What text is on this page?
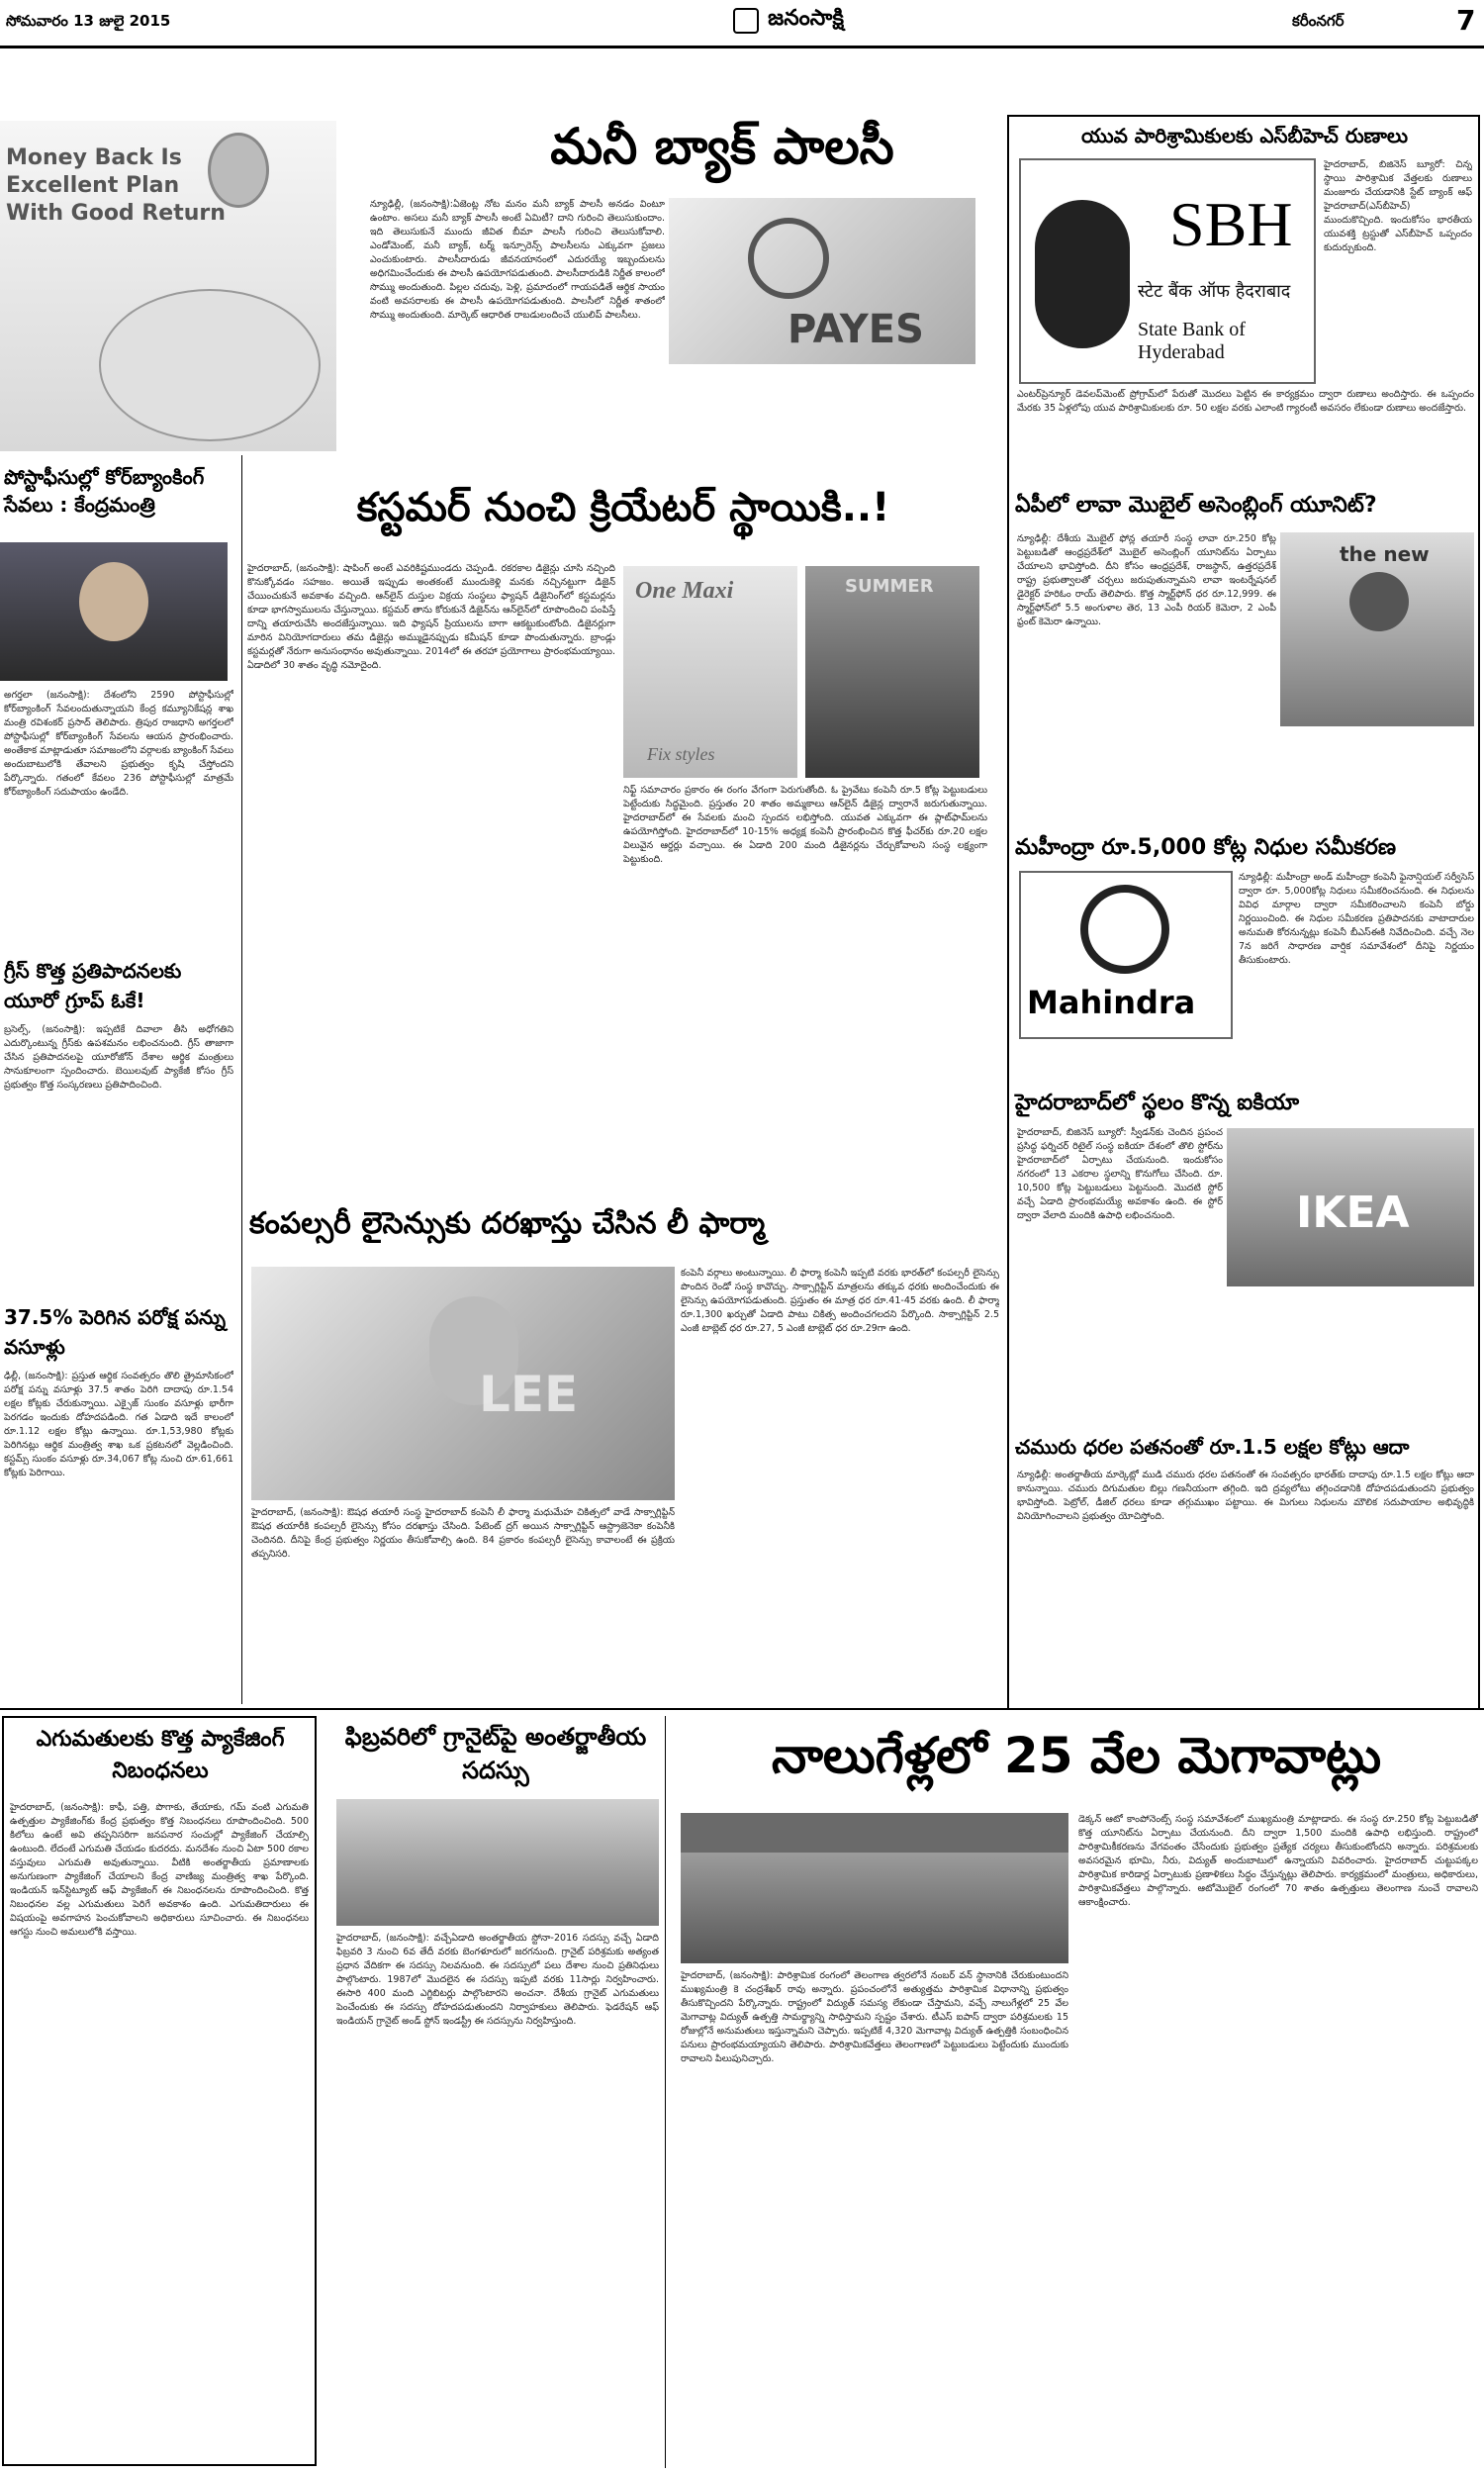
సోమవారం 13 జులై 2015	జనంసాక్షి	కరీంనగర్	7
Money Back Is
Excellent Plan
With Good Return
మనీ బ్యాక్ పాలసీ
న్యూఢిల్లీ, (జనంసాక్షి):ఏజెంట్ల నోట మనం మనీ బ్యాక్ పాలసీ అనడం వింటూ ఉంటాం. అసలు మనీ బ్యాక్ పాలసీ అంటే ఏమిటీ? దాని గురించి తెలుసుకుందాం. ఇది తెలుసుకునే ముందు జీవిత బీమా పాలసీ గురించి తెలుసుకోవాలి. ఎండోమెంట్, మనీ బ్యాక్, టర్మ్ ఇన్సూరెన్స్ పాలసీలను ఎక్కువగా ప్రజలు ఎంచుకుంటారు. పాలసీదారుడు జీవనయానంలో ఎదురయ్యే ఇబ్బందులను అధిగమించేందుకు ఈ పాలసీ ఉపయోగపడుతుంది. పాలసీదారుడికి నిర్ణీత కాలంలో సొమ్ము అందుతుంది. పిల్లల చదువు, పెళ్లి, ప్రమాదంలో గాయపడితే ఆర్థిక సాయం వంటి అవసరాలకు ఈ పాలసీ ఉపయోగపడుతుంది. పాలసీలో నిర్ణీత శాతంలో సొమ్ము అందుతుంది. మార్కెట్ ఆధారిత రాబడులందించే యులిప్ పాలసీలు.	PAYES
యువ పారిశ్రామికులకు ఎస్‌బీహెచ్ రుణాలు
SBH
स्टेट बैंक ऑफ हैदराबाद
State Bank of Hyderabad
హైదరాబాద్, బిజినెస్ బ్యూరో: చిన్న స్థాయి పారిశ్రామిక వేత్తలకు రుణాలు మంజూరు చేయడానికి స్టేట్ బ్యాంక్ ఆఫ్ హైదరాబాద్(ఎస్‌బీహెచ్) ముందుకొచ్చింది. ఇందుకోసం భారతీయ యువశక్తి ట్రస్టుతో ఎస్‌బీహెచ్ ఒప్పందం కుదుర్చుకుంది.
ఎంటర్‌ప్రెన్యూర్ డెవలప్‌మెంట్ ప్రోగ్రామ్‌లో పేరుతో మొదలు పెట్టిన ఈ కార్యక్రమం ద్వారా రుణాలు అందిస్తారు. ఈ ఒప్పందం మేరకు 35 ఏళ్లలోపు యువ పారిశ్రామికులకు రూ. 50 లక్షల వరకు ఎలాంటి గ్యారంటీ అవసరం లేకుండా రుణాలు అందజేస్తారు.
పోస్టాఫీసుల్లో కోర్‌బ్యాంకింగ్ సేవలు : కేంద్రమంత్రి
అగర్తలా (జనంసాక్షి): దేశంలోని 2590 పోస్టాఫీసుల్లో కోర్‌బ్యాంకింగ్ సేవలందుతున్నాయని కేంద్ర కమ్యూనికేషన్ల శాఖ మంత్రి రవిశంకర్ ప్రసాద్ తెలిపారు. త్రిపుర రాజధాని అగర్తలలో పోస్టాఫీసుల్లో కోర్‌బ్యాంకింగ్ సేవలను ఆయన ప్రారంభించారు. అంతేకాక మాట్లాడుతూ సమాజంలోని వర్గాలకు బ్యాంకింగ్ సేవలు అందుబాటులోకి తేవాలని ప్రభుత్వం కృషి చేస్తోందని పేర్కొన్నారు. గతంలో కేవలం 236 పోస్టాఫీసుల్లో మాత్రమే కోర్‌బ్యాంకింగ్ సదుపాయం ఉండేది.
గ్రీస్ కొత్త ప్రతిపాదనలకు యూరో గ్రూప్ ఓకే!
బ్రసెల్స్, (జనంసాక్షి): ఇప్పటికే దివాలా తీసి అధోగతిని ఎదుర్కొంటున్న గ్రీస్‌కు ఉపశమనం లభించనుంది. గ్రీస్ తాజాగా చేసిన ప్రతిపాదనలపై యూరోజోన్ దేశాల ఆర్థిక మంత్రులు సానుకూలంగా స్పందించారు. బెయిలవుట్ ప్యాకేజీ కోసం గ్రీస్ ప్రభుత్వం కొత్త సంస్కరణలు ప్రతిపాదించింది.
37.5% పెరిగిన పరోక్ష పన్ను వసూళ్లు
ఢిల్లీ, (జనంసాక్షి): ప్రస్తుత ఆర్థిక సంవత్సరం తొలి త్రైమాసికంలో పరోక్ష పన్ను వసూళ్లు 37.5 శాతం పెరిగి దాదాపు రూ.1.54 లక్షల కోట్లకు చేరుకున్నాయి. ఎక్సైజ్ సుంకం వసూళ్లు భారీగా పెరగడం ఇందుకు దోహదపడింది. గత ఏడాది ఇదే కాలంలో రూ.1.12 లక్షల కోట్లు ఉన్నాయి. రూ.1,53,980 కోట్లకు పెరిగినట్లు ఆర్థిక మంత్రిత్వ శాఖ ఒక ప్రకటనలో వెల్లడించింది. కస్టమ్స్ సుంకం వసూళ్లు రూ.34,067 కోట్ల నుంచి రూ.61,661 కోట్లకు పెరిగాయి.
కస్టమర్ నుంచి క్రియేటర్ స్థాయికి..!
హైదరాబాద్, (జనంసాక్షి): షాపింగ్ అంటే ఎవరికిష్టముండదు చెప్పండి. రకరకాల డిజైన్లు చూసి నచ్చింది కొనుక్కోవడం సహజం. అయితే ఇప్పుడు అంతకంటే ముందుకెళ్లి మనకు నచ్చినట్టుగా డిజైన్ చేయించుకునే అవకాశం వచ్చింది. ఆన్‌లైన్ దుస్తుల విక్రయ సంస్థలు ఫ్యాషన్ డిజైనింగ్‌లో కస్టమర్లను కూడా భాగస్వాములను చేస్తున్నాయి. కస్టమర్ తాను కోరుకునే డిజైన్‌ను ఆన్‌లైన్‌లో రూపొందించి పంపిస్తే దాన్ని తయారుచేసి అందజేస్తున్నాయి. ఇది ఫ్యాషన్ ప్రియులను బాగా ఆకట్టుకుంటోంది. డిజైనర్లుగా మారిన వినియోగదారులు తమ డిజైన్లు అమ్ముడైనప్పుడు కమీషన్ కూడా పొందుతున్నారు. బ్రాండ్లు కస్టమర్లతో నేరుగా అనుసంధానం అవుతున్నాయి. 2014లో ఈ తరహా ప్రయోగాలు ప్రారంభమయ్యాయి. ఏడాదిలో 30 శాతం వృద్ధి నమోదైంది.
One Maxi
Fix styles
SUMMER
నిఫ్ట్ సమాచారం ప్రకారం ఈ రంగం వేగంగా పెరుగుతోంది. ఓ ప్రైవేటు కంపెనీ రూ.5 కోట్ల పెట్టుబడులు పెట్టేందుకు సిద్ధమైంది. ప్రస్తుతం 20 శాతం అమ్మకాలు ఆన్‌లైన్ డిజైన్ల ద్వారానే జరుగుతున్నాయి. హైదరాబాద్‌లో ఈ సేవలకు మంచి స్పందన లభిస్తోంది. యువత ఎక్కువగా ఈ ప్లాట్‌ఫామ్‌లను ఉపయోగిస్తోంది. హైదరాబాద్‌లో 10-15% అధ్యక్ష కంపెనీ ప్రారంభించిన కొత్త ఫీచర్‌కు రూ.20 లక్షల విలువైన ఆర్డర్లు వచ్చాయి. ఈ ఏడాది 200 మంది డిజైనర్లను చేర్చుకోవాలని సంస్థ లక్ష్యంగా పెట్టుకుంది.
ఏపీలో లావా మొబైల్ అసెంబ్లింగ్ యూనిట్?
న్యూఢిల్లీ: దేశీయ మొబైల్ ఫోన్ల తయారీ సంస్థ లావా రూ.250 కోట్ల పెట్టుబడితో ఆంధ్రప్రదేశ్‌లో మొబైల్ అసెంబ్లింగ్ యూనిట్‌ను ఏర్పాటు చేయాలని భావిస్తోంది. దీని కోసం ఆంధ్రప్రదేశ్, రాజస్థాన్, ఉత్తరప్రదేశ్ రాష్ట్ర ప్రభుత్వాలతో చర్చలు జరుపుతున్నామని లావా ఇంటర్నేషనల్ డైరెక్టర్ హరిఓం రాయ్ తెలిపారు. కొత్త స్మార్ట్‌ఫోన్ ధర రూ.12,999. ఈ స్మార్ట్‌ఫోన్‌లో 5.5 అంగుళాల తెర, 13 ఎంపీ రియర్ కెమెరా, 2 ఎంపీ ఫ్రంట్ కెమెరా ఉన్నాయి.
the new
మహీంద్రా రూ.5,000 కోట్ల నిధుల సమీకరణ
Mahindra
న్యూఢిల్లీ: మహీంద్రా అండ్ మహీంద్రా కంపెనీ ఫైనాన్షియల్ సర్వీసెస్ ద్వారా రూ. 5,000కోట్ల నిధులు సమీకరించనుంది. ఈ నిధులను వివిధ మార్గాల ద్వారా సమీకరించాలని కంపెనీ బోర్డు నిర్ణయించింది. ఈ నిధుల సమీకరణ ప్రతిపాదనకు వాటాదారుల అనుమతి కోరనున్నట్లు కంపెనీ బీఎస్‌ఈకి నివేదించింది. వచ్చే నెల 7న జరిగే సాధారణ వార్షిక సమావేశంలో దీనిపై నిర్ణయం తీసుకుంటారు.
హైదరాబాద్‌లో స్థలం కొన్న ఐకియా
హైదరాబాద్, బిజినెస్ బ్యూరో: స్వీడన్‌కు చెందిన ప్రపంచ ప్రసిద్ధ ఫర్నిచర్ రిటైల్ సంస్థ ఐకియా దేశంలో తొలి స్టోర్‌ను హైదరాబాద్‌లో ఏర్పాటు చేయనుంది. ఇందుకోసం నగరంలో 13 ఎకరాల స్థలాన్ని కొనుగోలు చేసింది. రూ. 10,500 కోట్ల పెట్టుబడులు పెట్టనుంది. మొదటి స్టోర్ వచ్చే ఏడాది ప్రారంభమయ్యే అవకాశం ఉంది. ఈ స్టోర్ ద్వారా వేలాది మందికి ఉపాధి లభించనుంది.	IKEA
చమురు ధరల పతనంతో రూ.1.5 లక్షల కోట్లు ఆదా
న్యూఢిల్లీ: అంతర్జాతీయ మార్కెట్లో ముడి చమురు ధరల పతనంతో ఈ సంవత్సరం భారత్‌కు దాదాపు రూ.1.5 లక్షల కోట్లు ఆదా కానున్నాయి. చమురు దిగుమతుల బిల్లు గణనీయంగా తగ్గింది. ఇది ద్రవ్యలోటు తగ్గించడానికి దోహదపడుతుందని ప్రభుత్వం భావిస్తోంది. పెట్రోల్, డీజిల్ ధరలు కూడా తగ్గుముఖం పట్టాయి. ఈ మిగులు నిధులను మౌలిక సదుపాయాల అభివృద్ధికి వినియోగించాలని ప్రభుత్వం యోచిస్తోంది.
కంపల్సరీ లైసెన్సుకు దరఖాస్తు చేసిన లీ ఫార్మా
LEE
హైదరాబాద్, (జనంసాక్షి): ఔషధ తయారీ సంస్థ హైదరాబాద్ కంపెనీ లీ ఫార్మా మధుమేహ చికిత్సలో వాడే సాక్సాగ్లిప్టిన్ ఔషధ తయారీకి కంపల్సరీ లైసెన్సు కోసం దరఖాస్తు చేసింది. పేటెంట్ ద్రగ్ అయిన సాక్సాగ్లిప్టిన్ ఆస్ట్రాజెనెకా కంపెనీకి చెందినది. దీనిపై కేంద్ర ప్రభుత్వం నిర్ణయం తీసుకోవాల్సి ఉంది. 84 ప్రకారం కంపల్సరీ లైసెన్సు కావాలంటే ఈ ప్రక్రియ తప్పనిసరి.
కంపెనీ వర్గాలు అంటున్నాయి. లీ ఫార్మా కంపెనీ ఇప్పటి వరకు భారత్‌లో కంపల్సరీ లైసెన్సు పొందిన రెండో సంస్థ కావొచ్చు. సాక్సాగ్లిప్టిన్ మాత్రలను తక్కువ ధరకు అందించేందుకు ఈ లైసెన్సు ఉపయోగపడుతుంది. ప్రస్తుతం ఈ మాత్ర ధర రూ.41-45 వరకు ఉంది. లీ ఫార్మా రూ.1,300 ఖర్చుతో ఏడాది పాటు చికిత్స అందించగలదని పేర్కొంది. సాక్సాగ్లిప్టిన్ 2.5 ఎంజీ టాబ్లెట్ ధర రూ.27, 5 ఎంజీ టాబ్లెట్ ధర రూ.29గా ఉంది.
ఎగుమతులకు కొత్త ప్యాకేజింగ్ నిబంధనలు
హైదరాబాద్, (జనంసాక్షి): కాఫీ, పత్తి, పొగాకు, తేయాకు, గమ్ వంటి ఎగుమతి ఉత్పత్తుల ప్యాకేజింగ్‌కు కేంద్ర ప్రభుత్వం కొత్త నిబంధనలు రూపొందించింది. 500 కిలోలు ఉంటే అవి తప్పనిసరిగా జనపనార సంచుల్లో ప్యాకేజింగ్ చేయాల్సి ఉంటుంది. లేదంటే ఎగుమతి చేయడం కుదరదు. మనదేశం నుంచి ఏటా 500 రకాల వస్తువులు ఎగుమతి అవుతున్నాయి. వీటికి అంతర్జాతీయ ప్రమాణాలకు అనుగుణంగా ప్యాకేజింగ్ చేయాలని కేంద్ర వాణిజ్య మంత్రిత్వ శాఖ పేర్కొంది. ఇండియన్ ఇన్‌స్టిట్యూట్ ఆఫ్ ప్యాకేజింగ్ ఈ నిబంధనలను రూపొందించింది. కొత్త నిబంధనల వల్ల ఎగుమతులు పెరిగే అవకాశం ఉంది. ఎగుమతిదారులు ఈ విషయంపై అవగాహన పెంచుకోవాలని అధికారులు సూచించారు. ఈ నిబంధనలు ఆగస్టు నుంచి అమలులోకి వస్తాయి.
ఫిబ్రవరిలో గ్రానైట్‌పై అంతర్జాతీయ సదస్సు
హైదరాబాద్, (జనంసాక్షి): వచ్చేఏడాది అంతర్జాతీయ స్టోనా-2016 సదస్సు వచ్చే ఏడాది ఫిబ్రవరి 3 నుంచి 6వ తేదీ వరకు బెంగళూరులో జరగనుంది. గ్రానైట్ పరిశ్రమకు అత్యంత ప్రధాన వేదికగా ఈ సదస్సు నిలవనుంది. ఈ సదస్సులో పలు దేశాల నుంచి ప్రతినిధులు పాల్గొంటారు. 1987లో మొదలైన ఈ సదస్సు ఇప్పటి వరకు 11సార్లు నిర్వహించారు. ఈసారి 400 మంది ఎగ్జిబిటర్లు పాల్గొంటారని అంచనా. దేశీయ గ్రానైట్ ఎగుమతులు పెంచేందుకు ఈ సదస్సు దోహదపడుతుందని నిర్వాహకులు తెలిపారు. ఫెడరేషన్ ఆఫ్ ఇండియన్ గ్రానైట్ అండ్ స్టోన్ ఇండస్ట్రీ ఈ సదస్సును నిర్వహిస్తుంది.
నాలుగేళ్లలో 25 వేల మెగావాట్లు
హైదరాబాద్, (జనంసాక్షి): పారిశ్రామిక రంగంలో తెలంగాణ త్వరలోనే నంబర్ వన్ స్థానానికి చేరుకుంటుందని ముఖ్యమంత్రి కె చంద్రశేఖర్ రావు అన్నారు. ప్రపంచంలోనే అత్యుత్తమ పారిశ్రామిక విధానాన్ని ప్రభుత్వం తీసుకొచ్చిందని పేర్కొన్నారు. రాష్ట్రంలో విద్యుత్ సమస్య లేకుండా చేస్తామని, వచ్చే నాలుగేళ్లలో 25 వేల మెగావాట్ల విద్యుత్ ఉత్పత్తి సామర్థ్యాన్ని సాధిస్తామని స్పష్టం చేశారు. టీఎస్ ఐపాస్ ద్వారా పరిశ్రమలకు 15 రోజుల్లోనే అనుమతులు ఇస్తున్నామని చెప్పారు. ఇప్పటికే 4,320 మెగావాట్ల విద్యుత్ ఉత్పత్తికి సంబంధించిన పనులు ప్రారంభమయ్యాయని తెలిపారు. పారిశ్రామికవేత్తలు తెలంగాణలో పెట్టుబడులు పెట్టేందుకు ముందుకు రావాలని పిలుపునిచ్చారు.
డెక్కన్ ఆటో కాంపోనెంట్స్ సంస్థ సమావేశంలో ముఖ్యమంత్రి మాట్లాడారు. ఈ సంస్థ రూ.250 కోట్ల పెట్టుబడితో కొత్త యూనిట్‌ను ఏర్పాటు చేయనుంది. దీని ద్వారా 1,500 మందికి ఉపాధి లభిస్తుంది. రాష్ట్రంలో పారిశ్రామికీకరణను వేగవంతం చేసేందుకు ప్రభుత్వం ప్రత్యేక చర్యలు తీసుకుంటోందని అన్నారు. పరిశ్రమలకు అవసరమైన భూమి, నీరు, విద్యుత్ అందుబాటులో ఉన్నాయని వివరించారు. హైదరాబాద్ చుట్టుపక్కల పారిశ్రామిక కారిడార్ల ఏర్పాటుకు ప్రణాళికలు సిద్ధం చేస్తున్నట్లు తెలిపారు. కార్యక్రమంలో మంత్రులు, అధికారులు, పారిశ్రామికవేత్తలు పాల్గొన్నారు. ఆటోమొబైల్ రంగంలో 70 శాతం ఉత్పత్తులు తెలంగాణ నుంచే రావాలని ఆకాంక్షించారు.
